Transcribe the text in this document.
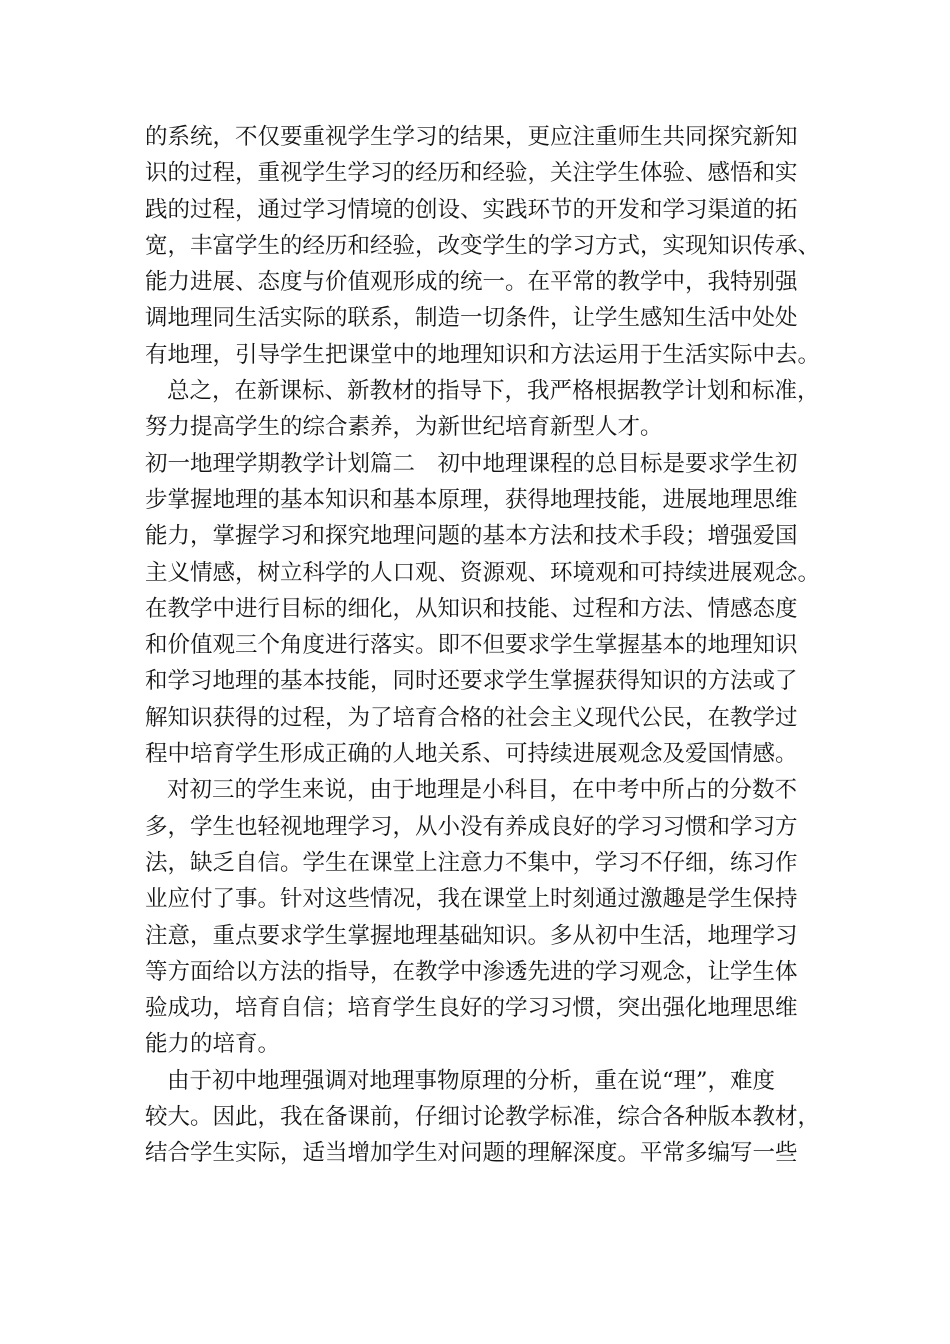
的系统，不仅要重视学生学习的结果，更应注重师生共同探究新知
识的过程，重视学生学习的经历和经验，关注学生体验、感悟和实
践的过程，通过学习情境的创设、实践环节的开发和学习渠道的拓
宽，丰富学生的经历和经验，改变学生的学习方式，实现知识传承、
能力进展、态度与价值观形成的统一。在平常的教学中，我特别强
调地理同生活实际的联系，制造一切条件，让学生感知生活中处处
有地理，引导学生把课堂中的地理知识和方法运用于生活实际中去。
总之，在新课标、新教材的指导下，我严格根据教学计划和标准，
努力提高学生的综合素养，为新世纪培育新型人才。
初一地理学期教学计划篇二　初中地理课程的总目标是要求学生初
步掌握地理的基本知识和基本原理，获得地理技能，进展地理思维
能力，掌握学习和探究地理问题的基本方法和技术手段；增强爱国
主义情感，树立科学的人口观、资源观、环境观和可持续进展观念。
在教学中进行目标的细化，从知识和技能、过程和方法、情感态度
和价值观三个角度进行落实。即不但要求学生掌握基本的地理知识
和学习地理的基本技能，同时还要求学生掌握获得知识的方法或了
解知识获得的过程，为了培育合格的社会主义现代公民，在教学过
程中培育学生形成正确的人地关系、可持续进展观念及爱国情感。
对初三的学生来说，由于地理是小科目，在中考中所占的分数不
多，学生也轻视地理学习，从小没有养成良好的学习习惯和学习方
法，缺乏自信。学生在课堂上注意力不集中，学习不仔细，练习作
业应付了事。针对这些情况，我在课堂上时刻通过激趣是学生保持
注意，重点要求学生掌握地理基础知识。多从初中生活，地理学习
等方面给以方法的指导，在教学中渗透先进的学习观念，让学生体
验成功，培育自信；培育学生良好的学习习惯，突出强化地理思维
能力的培育。
由于初中地理强调对地理事物原理的分析，重在说“理”，难度
较大。因此，我在备课前，仔细讨论教学标准，综合各种版本教材，
结合学生实际，适当增加学生对问题的理解深度。平常多编写一些
